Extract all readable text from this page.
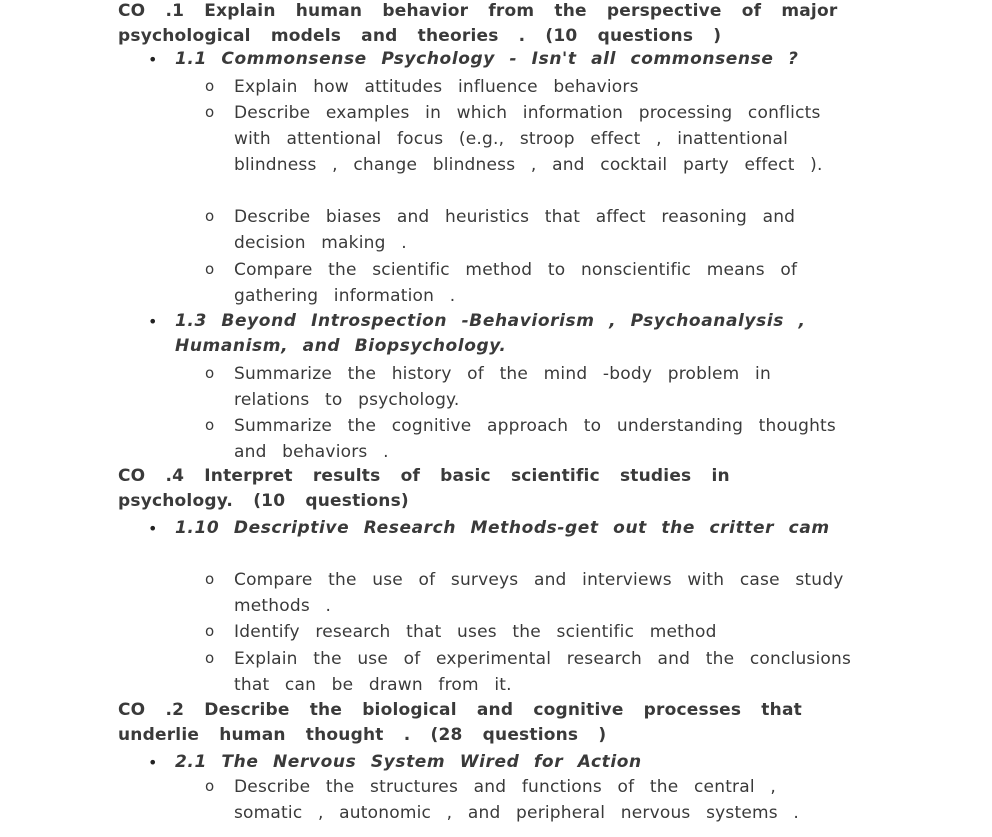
CO .1 Explain human behavior from the perspective of major psychological models and theories . (10 questions )
• 1.1 Commonsense Psychology - Isn't all commonsense ?
o Explain how attitudes influence behaviors
o Describe examples in which information processing conflicts with attentional focus (e.g., stroop effect , inattentional blindness , change blindness , and cocktail party effect ).
o Describe biases and heuristics that affect reasoning and decision making .
o Compare the scientific method to nonscientific means of gathering information .
• 1.3 Beyond Introspection -Behaviorism , Psychoanalysis , Humanism, and Biopsychology.
o Summarize the history of the mind -body problem in relations to psychology.
o Summarize the cognitive approach to understanding thoughts and behaviors .
CO .4 Interpret results of basic scientific studies in psychology. (10 questions)
• 1.10 Descriptive Research Methods-get out the critter cam
o Compare the use of surveys and interviews with case study methods .
o Identify research that uses the scientific method
o Explain the use of experimental research and the conclusions that can be drawn from it.
CO .2 Describe the biological and cognitive processes that underlie human thought . (28 questions )
• 2.1 The Nervous System Wired for Action
o Describe the structures and functions of the central , somatic , autonomic , and peripheral nervous systems .
